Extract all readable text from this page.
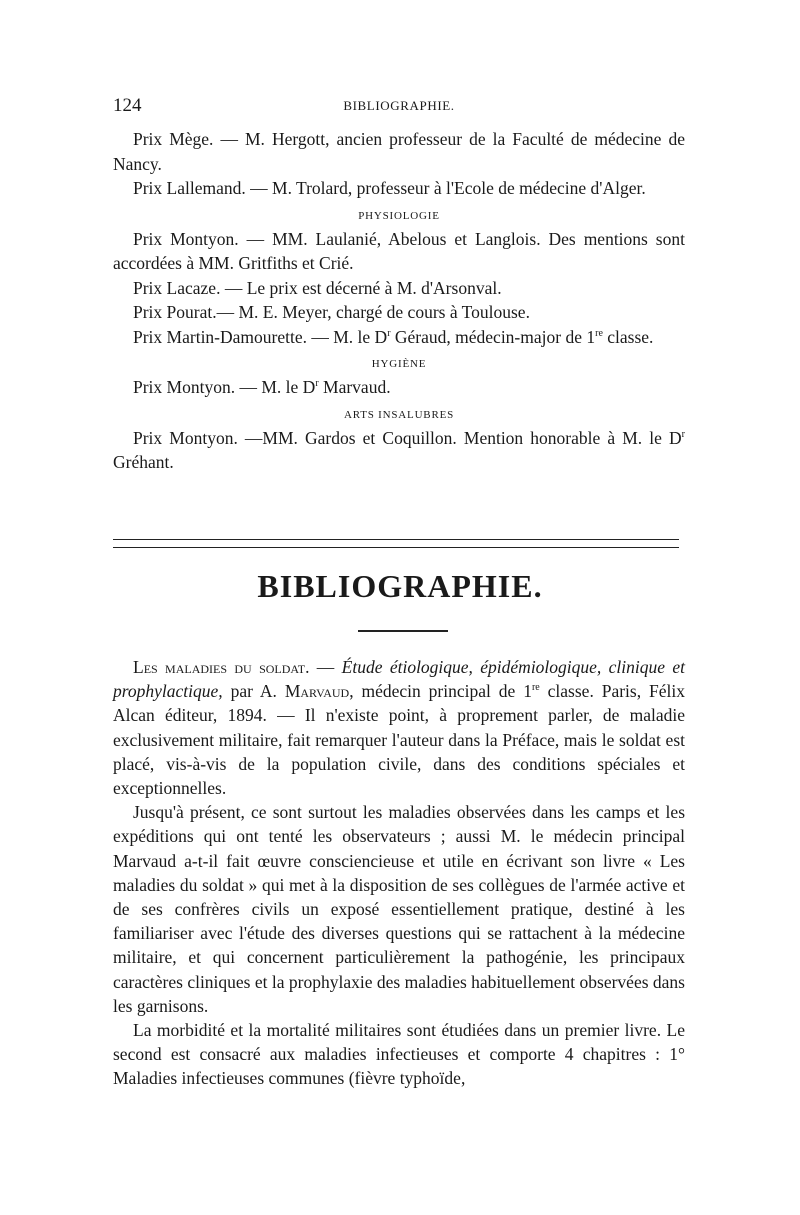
124	BIBLIOGRAPHIE.

Prix Mège. — M. Hergott, ancien professeur de la Faculté de médecine de Nancy.

Prix Lallemand. — M. Trolard, professeur à l'Ecole de médecine d'Alger.

PHYSIOLOGIE

Prix Montyon. — MM. Laulanié, Abelous et Langlois. Des mentions sont accordées à MM. Gritfiths et Crié.

Prix Lacaze. — Le prix est décerné à M. d'Arsonval.

Prix Pourat.— M. E. Meyer, chargé de cours à Toulouse.

Prix Martin-Damourette. — M. le $D^r$ Géraud, médecin-major de 1re classe.

HYGIÈNE

Prix Montyon. — M. le $D^r$ Marvaud.

ARTS INSALUBRES

Prix Montyon. —MM. Gardos et Coquillon. Mention honorable à M. le $D^r$ Gréhant.

BIBLIOGRAPHIE.

Les maladies du soldat. — Étude étiologique, épidémiologique, clinique et prophylactique, par A. Marvaud, médecin principal de 1re classe. Paris, Félix Alcan éditeur, 1894. — Il n'existe point, à proprement parler, de maladie exclusivement militaire, fait remarquer l'auteur dans la Préface, mais le soldat est placé, vis-à-vis de la population civile, dans des conditions spéciales et exceptionnelles.

Jusqu'à présent, ce sont surtout les maladies observées dans les camps et les expéditions qui ont tenté les observateurs ; aussi M. le médecin principal Marvaud a-t-il fait œuvre consciencieuse et utile en écrivant son livre « Les maladies du soldat » qui met à la disposition de ses collègues de l'armée active et de ses confrères civils un exposé essentiellement pratique, destiné à les familiariser avec l'étude des diverses questions qui se rattachent à la médecine militaire, et qui concernent particulièrement la pathogénie, les principaux caractères cliniques et la prophylaxie des maladies habituellement observées dans les garnisons.

La morbidité et la mortalité militaires sont étudiées dans un premier livre. Le second est consacré aux maladies infectieuses et comporte 4 chapitres : 1° Maladies infectieuses communes (fièvre typhoïde,
